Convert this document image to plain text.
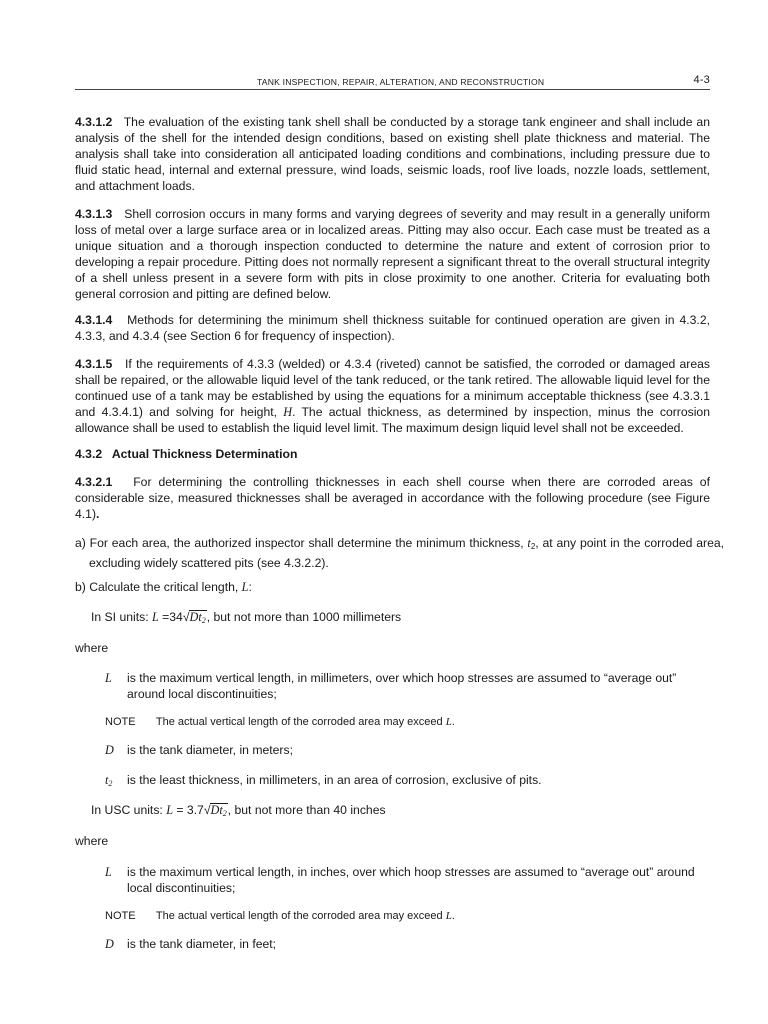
TANK INSPECTION, REPAIR, ALTERATION, AND RECONSTRUCTION	4-3

4.3.1.2 The evaluation of the existing tank shell shall be conducted by a storage tank engineer and shall include an analysis of the shell for the intended design conditions, based on existing shell plate thickness and material. The analysis shall take into consideration all anticipated loading conditions and combinations, including pressure due to fluid static head, internal and external pressure, wind loads, seismic loads, roof live loads, nozzle loads, settlement, and attachment loads.

4.3.1.3 Shell corrosion occurs in many forms and varying degrees of severity and may result in a generally uniform loss of metal over a large surface area or in localized areas. Pitting may also occur. Each case must be treated as a unique situation and a thorough inspection conducted to determine the nature and extent of corrosion prior to developing a repair procedure. Pitting does not normally represent a significant threat to the overall structural integrity of a shell unless present in a severe form with pits in close proximity to one another. Criteria for evaluating both general corrosion and pitting are defined below.

4.3.1.4 Methods for determining the minimum shell thickness suitable for continued operation are given in 4.3.2, 4.3.3, and 4.3.4 (see Section 6 for frequency of inspection).

4.3.1.5 If the requirements of 4.3.3 (welded) or 4.3.4 (riveted) cannot be satisfied, the corroded or damaged areas shall be repaired, or the allowable liquid level of the tank reduced, or the tank retired. The allowable liquid level for the continued use of a tank may be established by using the equations for a minimum acceptable thickness (see 4.3.3.1 and 4.3.4.1) and solving for height, H. The actual thickness, as determined by inspection, minus the corrosion allowance shall be used to establish the liquid level limit. The maximum design liquid level shall not be exceeded.

4.3.2 Actual Thickness Determination

4.3.2.1 For determining the controlling thicknesses in each shell course when there are corroded areas of considerable size, measured thicknesses shall be averaged in accordance with the following procedure (see Figure 4.1).

a) For each area, the authorized inspector shall determine the minimum thickness, $t_2$, at any point in the corroded area, excluding widely scattered pits (see 4.3.2.2).

b) Calculate the critical length, L:

In SI units: $L =34√Dt_2$, but not more than 1000 millimeters
where
L	is the maximum vertical length, in millimeters, over which hoop stresses are assumed to “average out” around local discontinuities;
NOTE The actual vertical length of the corroded area may exceed L.
D	is the tank diameter, in meters;
$t_2$	is the least thickness, in millimeters, in an area of corrosion, exclusive of pits.
In USC units: $L = 3.7√Dt_2$, but not more than 40 inches
where
L	is the maximum vertical length, in inches, over which hoop stresses are assumed to “average out” around local discontinuities;
NOTE The actual vertical length of the corroded area may exceed L.
D	is the tank diameter, in feet;
